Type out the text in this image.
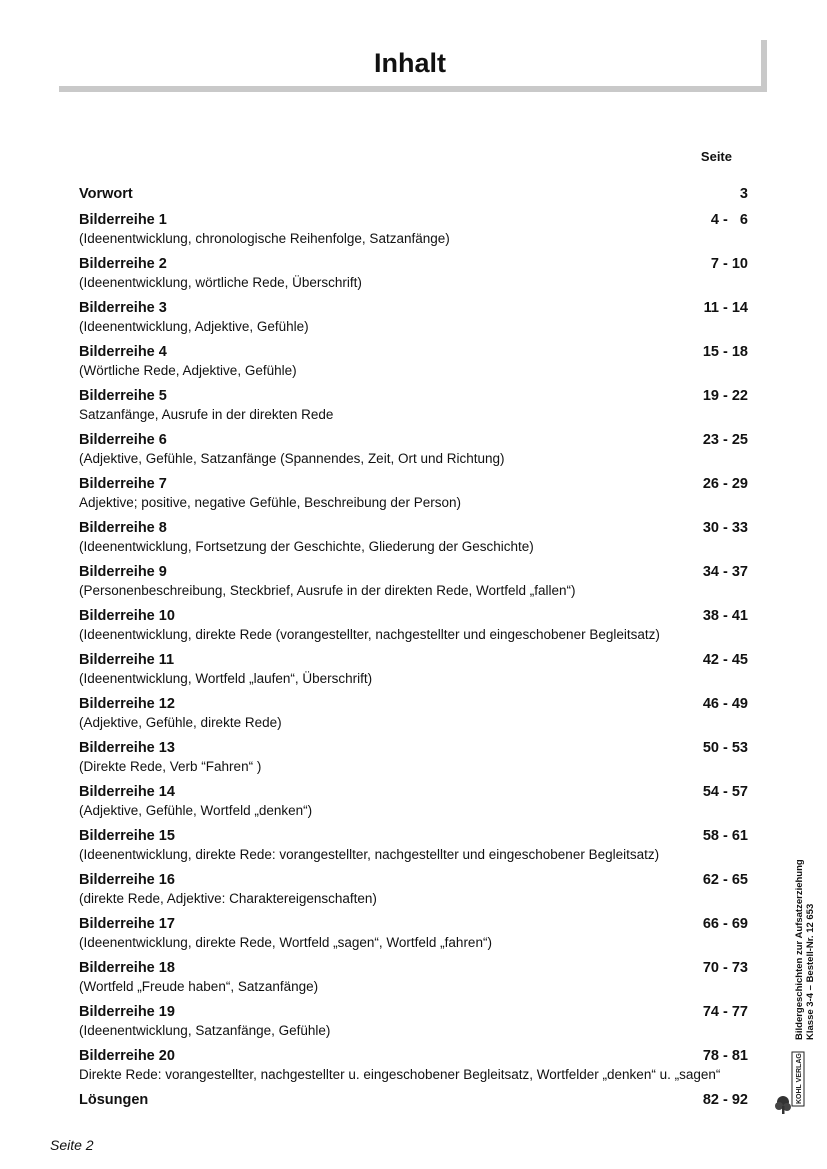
Inhalt
Seite
Vorwort	3
Bilderreihe 1	4 -   6
(Ideenentwicklung, chronologische Reihenfolge, Satzanfänge)
Bilderreihe 2	7 - 10
(Ideenentwicklung, wörtliche Rede, Überschrift)
Bilderreihe 3	11 - 14
(Ideenentwicklung, Adjektive, Gefühle)
Bilderreihe 4	15 - 18
(Wörtliche Rede, Adjektive, Gefühle)
Bilderreihe 5	19 - 22
Satzanfänge, Ausrufe in der direkten Rede
Bilderreihe 6	23 - 25
(Adjektive, Gefühle, Satzanfänge (Spannendes, Zeit, Ort und Richtung)
Bilderreihe 7	26 - 29
Adjektive; positive, negative Gefühle, Beschreibung der Person)
Bilderreihe 8	30 - 33
(Ideenentwicklung, Fortsetzung der Geschichte, Gliederung der Geschichte)
Bilderreihe 9	34 - 37
(Personenbeschreibung, Steckbrief, Ausrufe in der direkten Rede, Wortfeld „fallen“)
Bilderreihe 10	38 - 41
(Ideenentwicklung, direkte Rede (vorangestellter, nachgestellter und eingeschobener Begleitsatz)
Bilderreihe 11	42 - 45
(Ideenentwicklung, Wortfeld „laufen“, Überschrift)
Bilderreihe 12	46 - 49
(Adjektive, Gefühle, direkte Rede)
Bilderreihe 13	50 - 53
(Direkte Rede, Verb “Fahren“ )
Bilderreihe 14	54 - 57
(Adjektive, Gefühle, Wortfeld „denken“)
Bilderreihe 15	58 - 61
(Ideenentwicklung, direkte Rede: vorangestellter, nachgestellter und eingeschobener Begleitsatz)
Bilderreihe 16	62 - 65
(direkte Rede, Adjektive: Charaktereigenschaften)
Bilderreihe 17	66 - 69
(Ideenentwicklung, direkte Rede, Wortfeld „sagen“, Wortfeld „fahren“)
Bilderreihe 18	70 - 73
(Wortfeld „Freude haben“, Satzanfänge)
Bilderreihe 19	74 - 77
(Ideenentwicklung, Satzanfänge, Gefühle)
Bilderreihe 20	78 - 81
Direkte Rede: vorangestellter, nachgestellter u. eingeschobener Begleitsatz, Wortfelder „denken“ u. „sagen“
Lösungen	82 - 92
Bildergeschichten zur Aufsatzerziehung Klasse 3-4 – Bestell-Nr. 12 653
KOHL VERLAG
Seite 2
